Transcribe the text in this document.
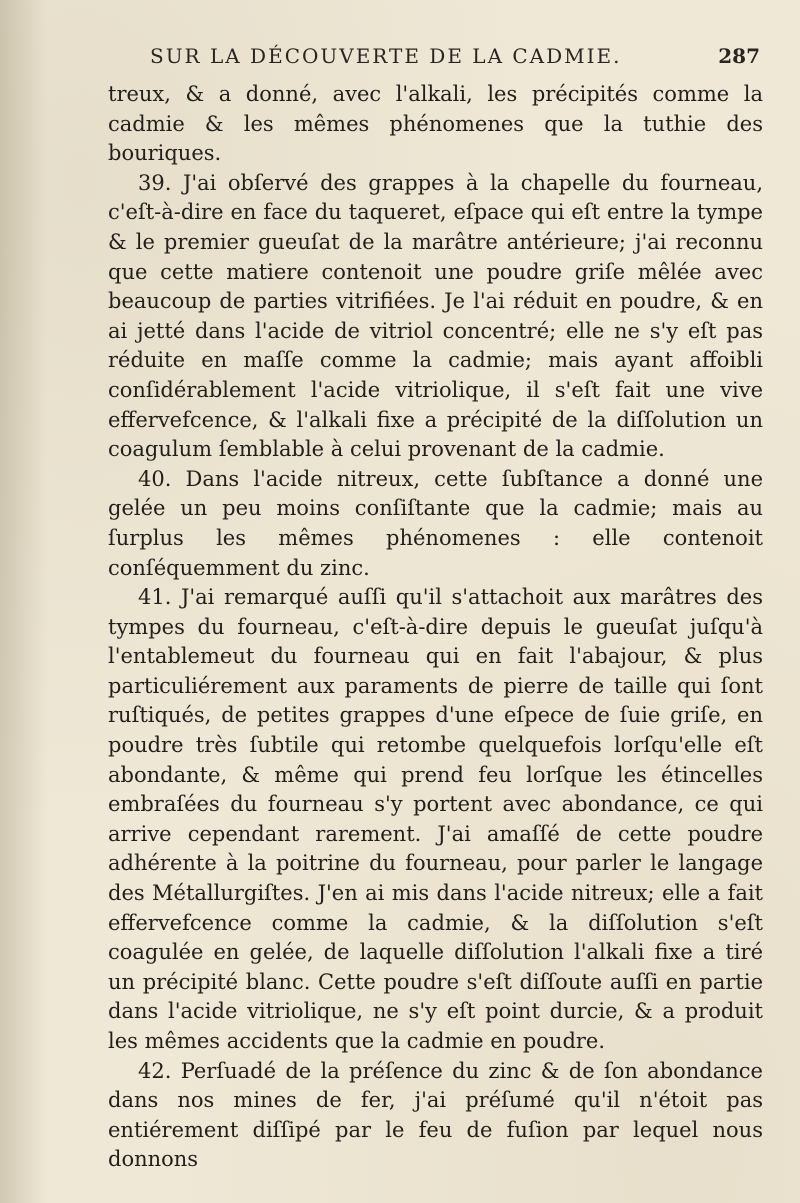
SUR LA DÉCOUVERTE DE LA CADMIE.	287

treux, & a donné, avec l'alkali, les précipités comme la cadmie & les mêmes phénomenes que la tuthie des bouriques.

39. J'ai obſervé des grappes à la chapelle du fourneau, c'eſt-à-dire en face du taqueret, eſpace qui eſt entre la tympe & le premier gueuſat de la marâtre antérieure; j'ai reconnu que cette matiere contenoit une poudre griſe mêlée avec beaucoup de parties vitrifiées. Je l'ai réduit en poudre, & en ai jetté dans l'acide de vitriol concentré; elle ne s'y eſt pas réduite en maſſe comme la cadmie; mais ayant affoibli conſidérablement l'acide vitriolique, il s'eſt fait une vive effervefcence, & l'alkali fixe a précipité de la diſſolution un coagulum ſemblable à celui provenant de la cadmie.

40. Dans l'acide nitreux, cette ſubſtance a donné une gelée un peu moins conſiſtante que la cadmie; mais au ſurplus les mêmes phénomenes : elle contenoit conſéquemment du zinc.

41. J'ai remarqué auſſi qu'il s'attachoit aux marâtres des tympes du fourneau, c'eſt-à-dire depuis le gueuſat juſqu'à l'entablemeut du fourneau qui en fait l'abajour, & plus particuliérement aux paraments de pierre de taille qui ſont ruſtiqués, de petites grappes d'une eſpece de ſuie griſe, en poudre très ſubtile qui retombe quelquefois lorſqu'elle eſt abondante, & même qui prend feu lorſque les étincelles embraſées du fourneau s'y portent avec abondance, ce qui arrive cependant rarement. J'ai amaſſé de cette poudre adhérente à la poitrine du fourneau, pour parler le langage des Métallurgiſtes. J'en ai mis dans l'acide nitreux; elle a fait effervefcence comme la cadmie, & la diſſolution s'eſt coagulée en gelée, de laquelle diſſolution l'alkali fixe a tiré un précipité blanc. Cette poudre s'eſt diſſoute auſſi en partie dans l'acide vitriolique, ne s'y eſt point durcie, & a produit les mêmes accidents que la cadmie en poudre.

42. Perſuadé de la préſence du zinc & de ſon abondance dans nos mines de fer, j'ai préſumé qu'il n'étoit pas entiérement diſſipé par le feu de fuſion par lequel nous donnons
